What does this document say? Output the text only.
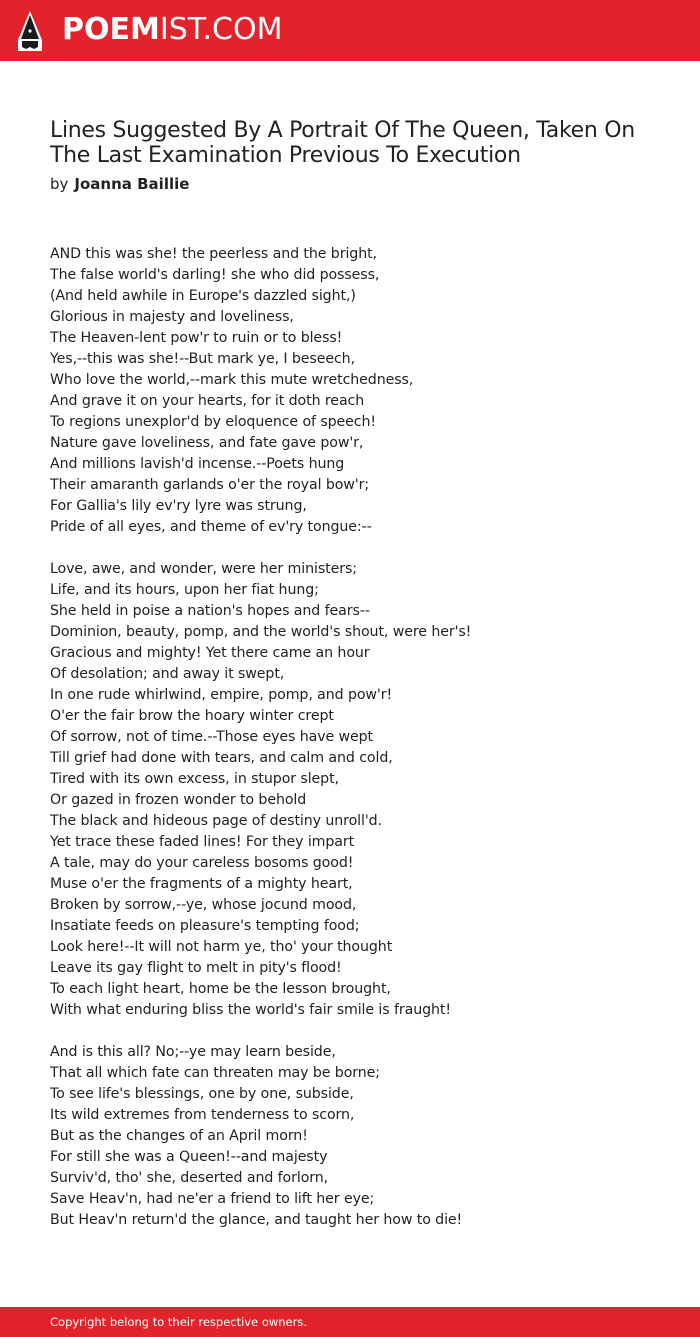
POEMIST.COM
Lines Suggested By A Portrait Of The Queen, Taken On The Last Examination Previous To Execution
by Joanna Baillie
AND this was she! the peerless and the bright,
The false world's darling! she who did possess,
(And held awhile in Europe's dazzled sight,)
Glorious in majesty and loveliness,
The Heaven-lent pow'r to ruin or to bless!
Yes,--this was she!--But mark ye, I beseech,
Who love the world,--mark this mute wretchedness,
And grave it on your hearts, for it doth reach
To regions unexplor'd by eloquence of speech!
Nature gave loveliness, and fate gave pow'r,
And millions lavish'd incense.--Poets hung
Their amaranth garlands o'er the royal bow'r;
For Gallia's lily ev'ry lyre was strung,
Pride of all eyes, and theme of ev'ry tongue:--
Love, awe, and wonder, were her ministers;
Life, and its hours, upon her fiat hung;
She held in poise a nation's hopes and fears--
Dominion, beauty, pomp, and the world's shout, were her's!
Gracious and mighty! Yet there came an hour
Of desolation; and away it swept,
In one rude whirlwind, empire, pomp, and pow'r!
O'er the fair brow the hoary winter crept
Of sorrow, not of time.--Those eyes have wept
Till grief had done with tears, and calm and cold,
Tired with its own excess, in stupor slept,
Or gazed in frozen wonder to behold
The black and hideous page of destiny unroll'd.
Yet trace these faded lines! For they impart
A tale, may do your careless bosoms good!
Muse o'er the fragments of a mighty heart,
Broken by sorrow,--ye, whose jocund mood,
Insatiate feeds on pleasure's tempting food;
Look here!--It will not harm ye, tho' your thought
Leave its gay flight to melt in pity's flood!
To each light heart, home be the lesson brought,
With what enduring bliss the world's fair smile is fraught!
And is this all? No;--ye may learn beside,
That all which fate can threaten may be borne;
To see life's blessings, one by one, subside,
Its wild extremes from tenderness to scorn,
But as the changes of an April morn!
For still she was a Queen!--and majesty
Surviv'd, tho' she, deserted and forlorn,
Save Heav'n, had ne'er a friend to lift her eye;
But Heav'n return'd the glance, and taught her how to die!
Copyright belong to their respective owners.
